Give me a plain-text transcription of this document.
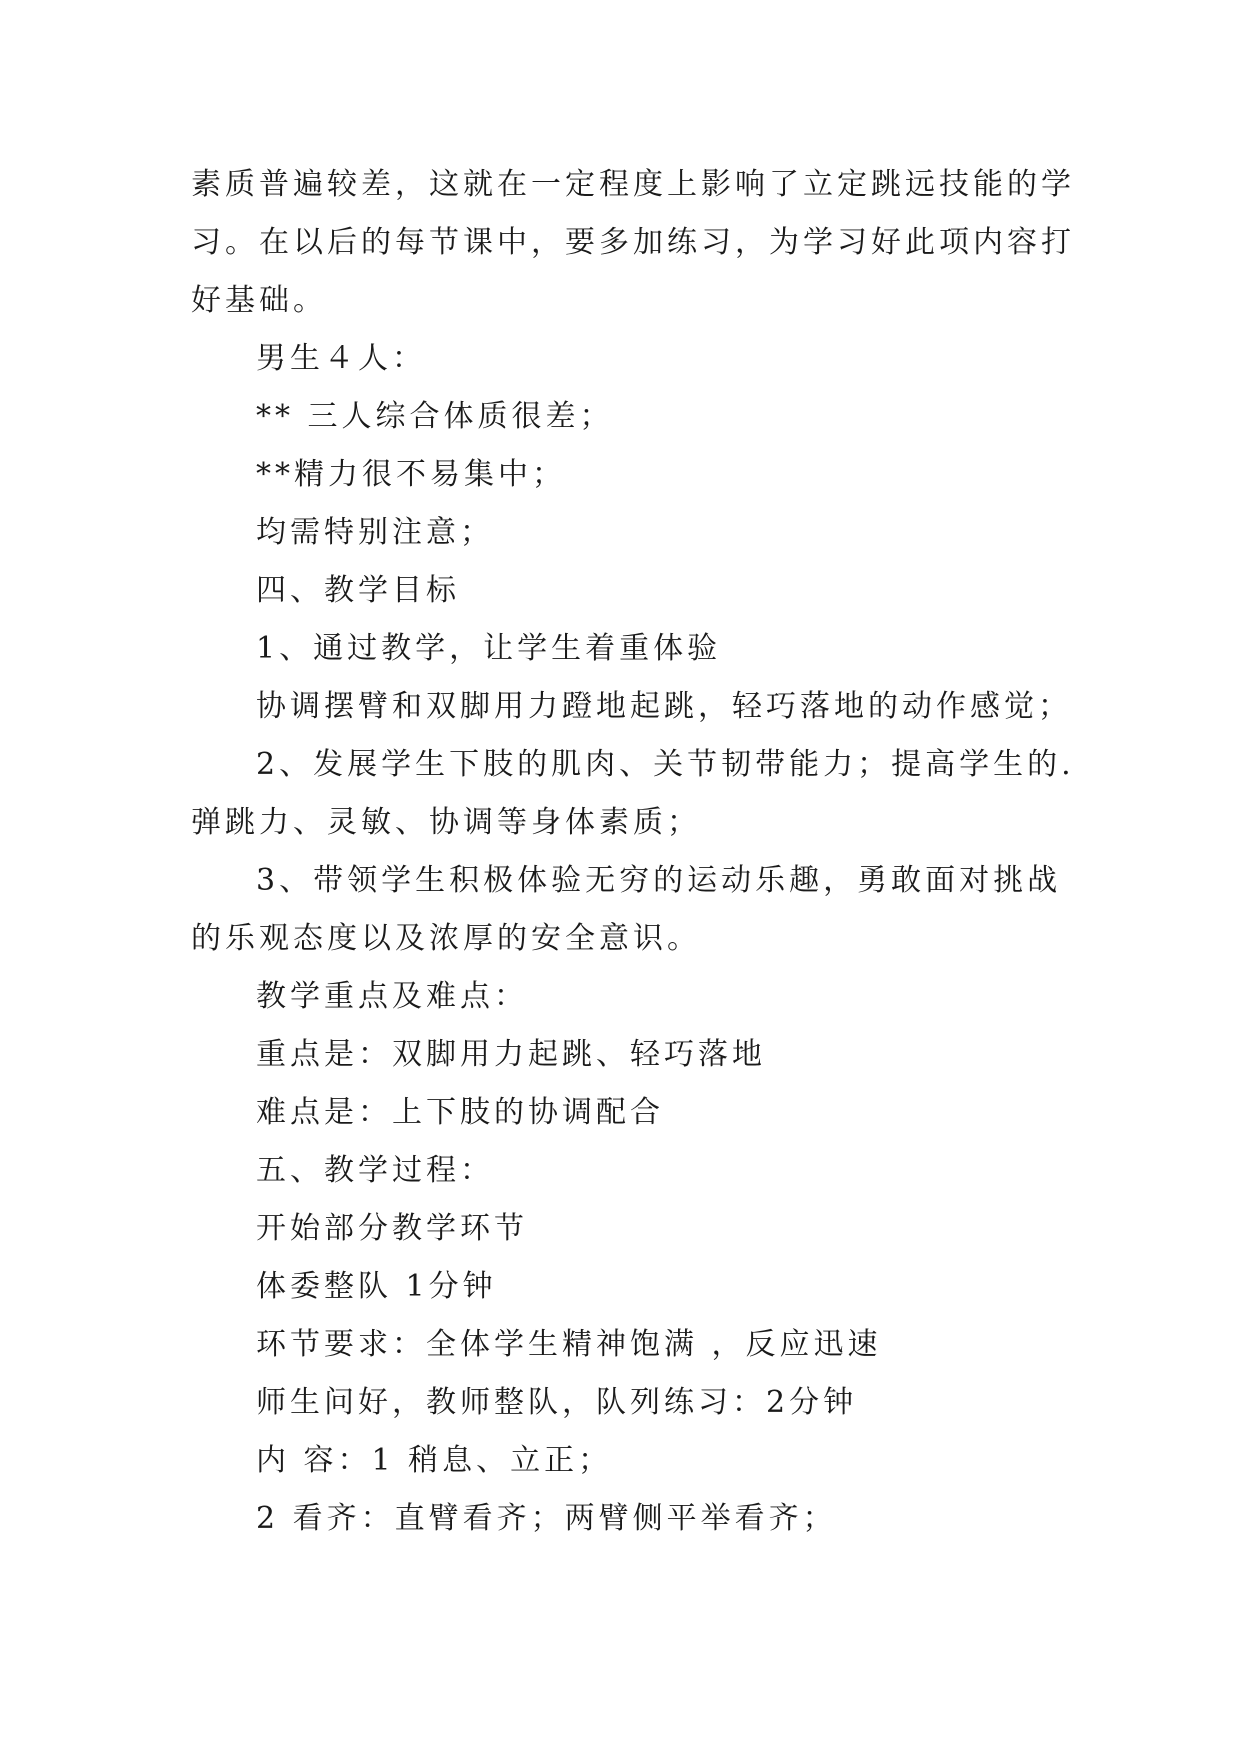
素质普遍较差，这就在一定程度上影响了立定跳远技能的学
习。在以后的每节课中，要多加练习，为学习好此项内容打
好基础。
男生４人：
** 三人综合体质很差；
**精力很不易集中；
均需特别注意；
四、教学目标
1、通过教学，让学生着重体验
协调摆臂和双脚用力蹬地起跳，轻巧落地的动作感觉；
2、发展学生下肢的肌肉、关节韧带能力；提高学生的.
弹跳力、灵敏、协调等身体素质；
3、带领学生积极体验无穷的运动乐趣，勇敢面对挑战
的乐观态度以及浓厚的安全意识。
教学重点及难点：
重点是：双脚用力起跳、轻巧落地
难点是：上下肢的协调配合
五、教学过程：
开始部分教学环节
体委整队 1分钟
环节要求：全体学生精神饱满 ，反应迅速
师生问好，教师整队，队列练习：2分钟
内 容：1 稍息、立正；
2 看齐：直臂看齐；两臂侧平举看齐；
